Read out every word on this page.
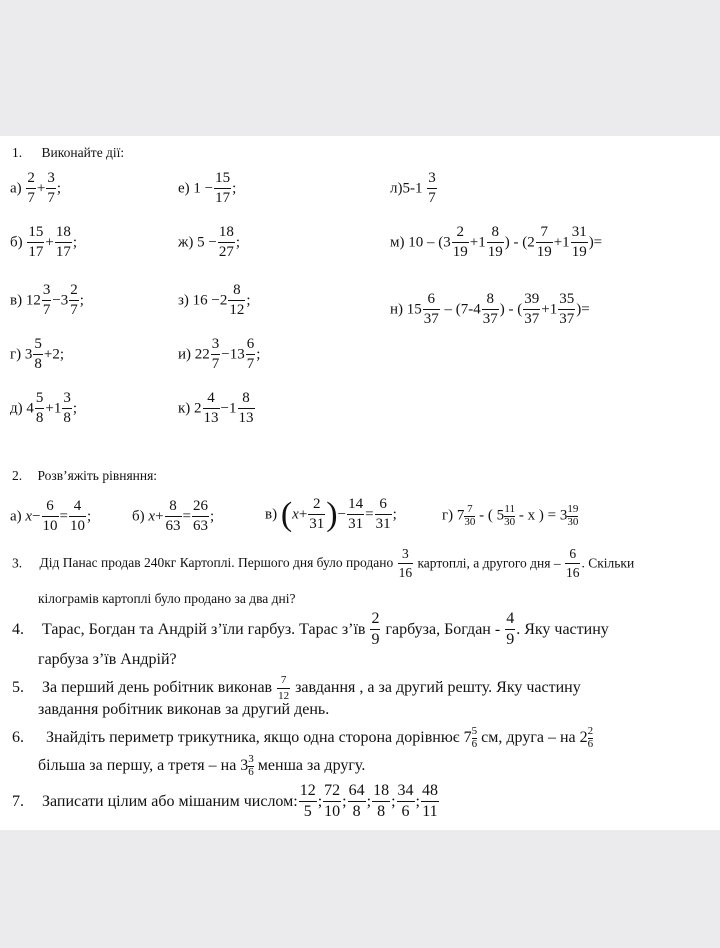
1. Виконайте дії:
$а) \frac{2}{7} + \frac{3}{7}$ ;
$б) \frac{15}{17} + \frac{18}{17}$ ;
в) $12 \frac{3}{7} -3 \frac{2}{7}$ ;
г) $3 \frac{5}{8} +2$;
д) $4 \frac{5}{8} +1 \frac{3}{8}$ ;
е) $1 - \frac{15}{17}$ ;
ж) $5 - \frac{18}{27}$ ;
з) $16 -2 \frac{8}{12}$ ;
и) $22 \frac{3}{7} -13 \frac{6}{7}$ ;
к) $2 \frac{4}{13} -1 \frac{8}{13}$
$л)5-1 \frac{3}{7}$
м) $10 - (3 \frac{2}{19} +1 \frac{8}{19}$ ) - ($2 \frac{7}{19} +1 \frac{31}{19}$ )=
н) $15 \frac{6}{37} - (7-4 \frac{8}{37}$ ) - ( $\frac{39}{37} +1 \frac{35}{37}$ )=
2. Розв’яжіть рівняння:
а) $x- \frac{6}{10} = \frac{4}{10}$ ;	б) $x+ \frac{8}{63} = \frac{26}{63}$ ;	в) ($x+ \frac{2}{31}$ )− $\frac{14}{31} = \frac{6}{31}$ ;	г) $7 \frac{7}{30}$ - ( $5 \frac{11}{30}$ - x ) = $3 \frac{19}{30}$
3. Дід Панас продав 240кг Картоплі. Першого дня було продано $\frac{3}{16}$ картоплі, а другого дня – $\frac{6}{16}$ . Скільки
кілограмів картоплі було продано за два дні?
4. Тарас, Богдан та Андрій з’їли гарбуз. Тарас з’їв $\frac{2}{9}$ гарбуза, Богдан - $\frac{4}{9}$ . Яку частину
гарбуза з’їв Андрій?
5. За перший день робітник виконав $\frac{7}{12}$ завдання , а за другий решту. Яку частину
завдання робітник виконав за другий день.
6. Знайдіть периметр трикутника, якщо одна сторона дорівнює $7 \frac{5}{6}$ см, друга – на $2 \frac{2}{6}$
більша за першу, а третя – на $3 \frac{3}{6}$ менша за другу.
7. Записати цілим або мішаним числом: $\frac{12}{5}$ ; $\frac{72}{10}$ ; $\frac{64}{8}$ ; $\frac{18}{8}$ ; $\frac{34}{6}$ ; $\frac{48}{11}$
